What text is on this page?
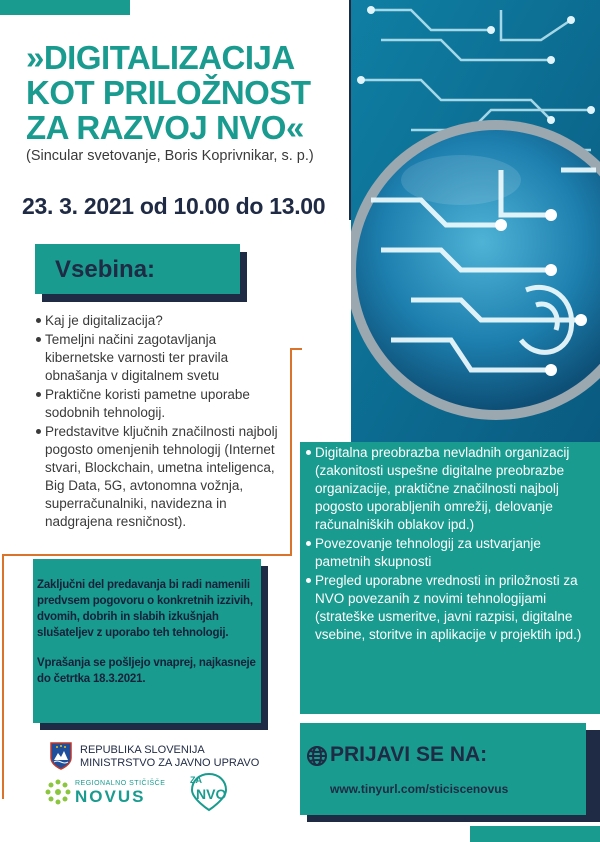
»DIGITALIZACIJA
KOT PRILOŽNOST
ZA RAZVOJ NVO«
(Sincular svetovanje, Boris Koprivnikar, s. p.)
23. 3. 2021 od 10.00 do 13.00
Vsebina:
Kaj je digitalizacija?
Temeljni načini zagotavljanja kibernetske varnosti ter pravila obnašanja v digitalnem svetu
Praktične koristi pametne uporabe sodobnih tehnologij.
Predstavitve ključnih značilnosti najbolj pogosto omenjenih tehnologij (Internet stvari, Blockchain, umetna inteligenca, Big Data, 5G, avtonomna vožnja, superračunalniki, navidezna in nadgrajena resničnost).
Digitalna preobrazba nevladnih organizacij (zakonitosti uspešne digitalne preobrazbe organizacije, praktične značilnosti najbolj pogosto uporabljenih omrežij, delovanje računalniških oblakov ipd.)
Povezovanje tehnologij za ustvarjanje pametnih skupnosti
Pregled uporabne vrednosti in priložnosti za NVO povezanih z novimi tehnologijami (strateške usmeritve, javni razpisi, digitalne vsebine, storitve in aplikacije v projektih ipd.)

Zaključni del predavanja bi radi namenili predvsem pogovoru o konkretnih izzivih, dvomih, dobrih in slabih izkušnjah slušateljev z uporabo teh tehnologij.

Vprašanja se pošljejo vnaprej, najkasneje do četrtka 18.3.2021.

REPUBLIKA SLOVENIJA
MINISTRSTVO ZA JAVNO UPRAVO
REGIONALNO STIČIŠČE
NOVUS
ZA
NVO
PRIJAVI SE NA:
www.tinyurl.com/sticiscenovus
